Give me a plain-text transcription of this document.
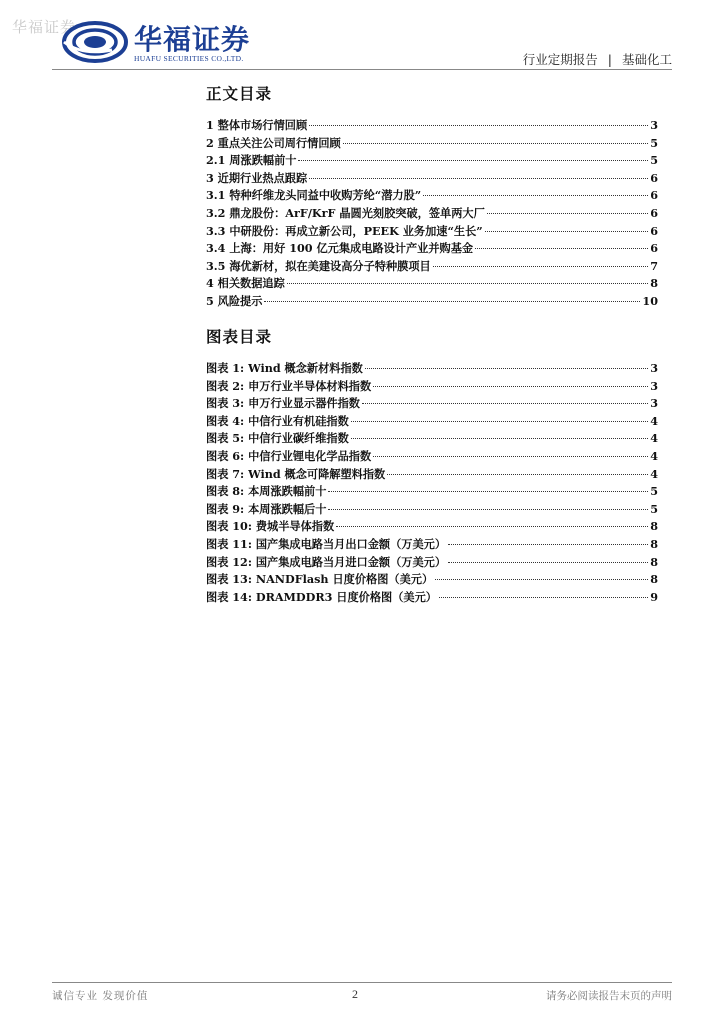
华福证券 华福证券
HUAFU SECURITIES CO.,LTD.	行业定期报告 | 基础化工
正文目录
1 整体市场行情回顾	3
2 重点关注公司周行情回顾	5
2.1 周涨跌幅前十	5
3 近期行业热点跟踪	6
3.1 特种纤维龙头同益中收购芳纶“潜力股”	6
3.2 鼎龙股份：ArF/KrF 晶圆光刻胶突破，签单两大厂	6
3.3 中研股份：再成立新公司，PEEK 业务加速“生长”	6
3.4 上海：用好 100 亿元集成电路设计产业并购基金	6
3.5 海优新材，拟在美建设高分子特种膜项目	7
4 相关数据追踪	8
5 风险提示	10
图表目录
图表 1: Wind 概念新材料指数	3
图表 2: 申万行业半导体材料指数	3
图表 3: 申万行业显示器件指数	3
图表 4: 中信行业有机硅指数	4
图表 5: 中信行业碳纤维指数	4
图表 6: 中信行业锂电化学品指数	4
图表 7: Wind 概念可降解塑料指数	4
图表 8: 本周涨跌幅前十	5
图表 9: 本周涨跌幅后十	5
图表 10: 费城半导体指数	8
图表 11: 国产集成电路当月出口金额（万美元）	8
图表 12: 国产集成电路当月进口金额（万美元）	8
图表 13: NANDFlash 日度价格图（美元）	8
图表 14: DRAMDDR3 日度价格图（美元）	9
诚信专业 发现价值	2	请务必阅读报告末页的声明
